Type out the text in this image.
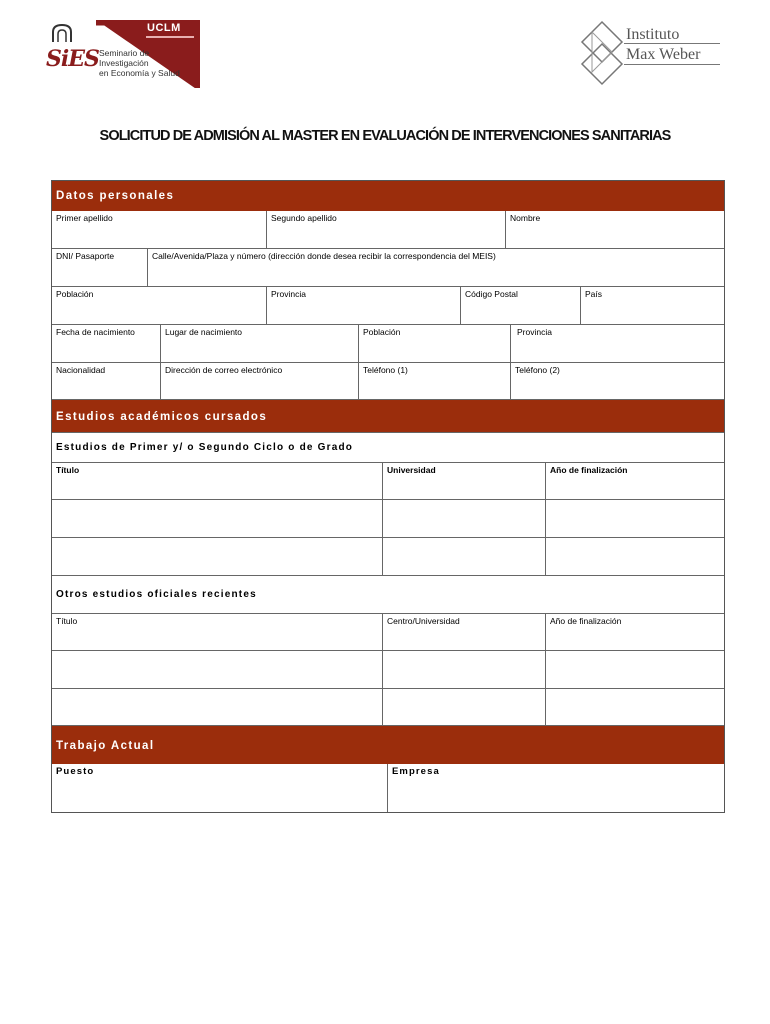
UCLM
SiES Seminario de
Investigación
en Economía y Salud
Instituto
Max Weber
SOLICITUD DE ADMISIÓN AL MASTER EN EVALUACIÓN DE INTERVENCIONES SANITARIAS
Datos personales
Primer apellido	Segundo apellido	Nombre
DNI/ Pasaporte	Calle/Avenida/Plaza y número (dirección donde desea recibir la correspondencia del MEIS)
Población	Provincia	Código Postal	País
Fecha de nacimiento	Lugar de nacimiento	Población	Provincia
Nacionalidad	Dirección de correo electrónico	Teléfono (1)	Teléfono (2)
Estudios académicos cursados
Estudios de Primer y/ o Segundo Ciclo o de Grado
Título	Universidad	Año de finalización
Otros estudios oficiales recientes
Título	Centro/Universidad	Año de finalización
Trabajo Actual
Puesto	Empresa
